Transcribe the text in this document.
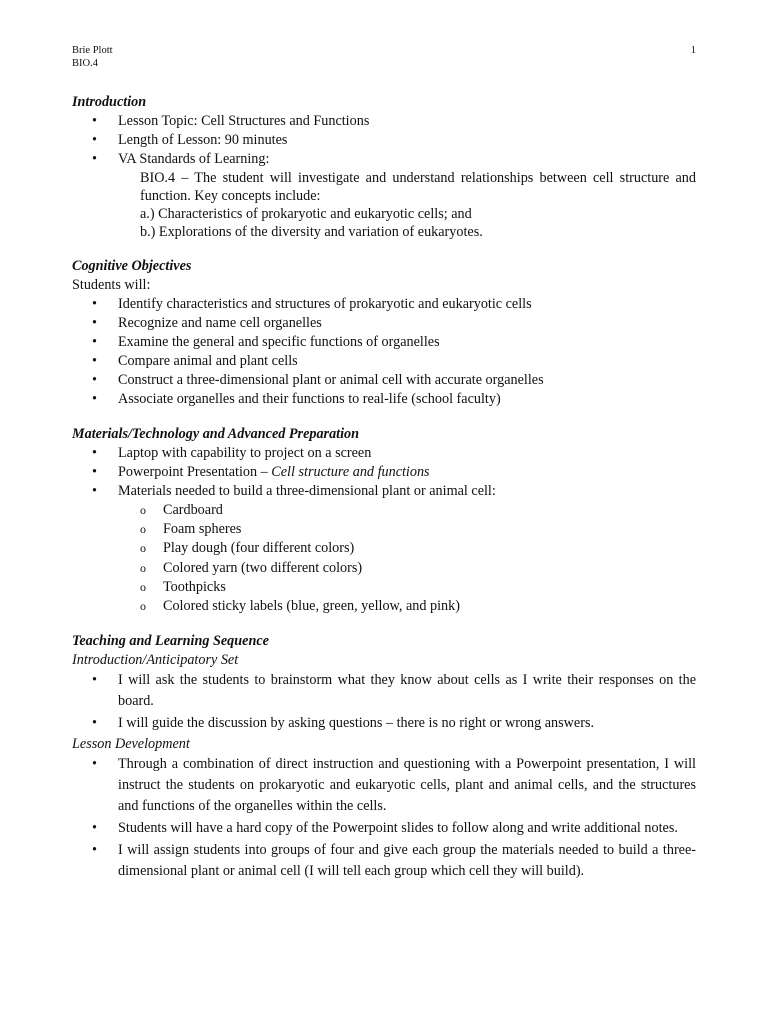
Brie Plott
BIO.4
1
Introduction
• Lesson Topic: Cell Structures and Functions
• Length of Lesson: 90 minutes
• VA Standards of Learning:
BIO.4 – The student will investigate and understand relationships between cell structure and function. Key concepts include:
a.) Characteristics of prokaryotic and eukaryotic cells; and
b.) Explorations of the diversity and variation of eukaryotes.
Cognitive Objectives
Students will:
• Identify characteristics and structures of prokaryotic and eukaryotic cells
• Recognize and name cell organelles
• Examine the general and specific functions of organelles
• Compare animal and plant cells
• Construct a three-dimensional plant or animal cell with accurate organelles
• Associate organelles and their functions to real-life (school faculty)
Materials/Technology and Advanced Preparation
• Laptop with capability to project on a screen
• Powerpoint Presentation – Cell structure and functions
• Materials needed to build a three-dimensional plant or animal cell:
o Cardboard
o Foam spheres
o Play dough (four different colors)
o Colored yarn (two different colors)
o Toothpicks
o Colored sticky labels (blue, green, yellow, and pink)
Teaching and Learning Sequence
Introduction/Anticipatory Set
• I will ask the students to brainstorm what they know about cells as I write their responses on the board.
• I will guide the discussion by asking questions – there is no right or wrong answers.
Lesson Development
• Through a combination of direct instruction and questioning with a Powerpoint presentation, I will instruct the students on prokaryotic and eukaryotic cells, plant and animal cells, and the structures and functions of the organelles within the cells.
• Students will have a hard copy of the Powerpoint slides to follow along and write additional notes.
• I will assign students into groups of four and give each group the materials needed to build a three-dimensional plant or animal cell (I will tell each group which cell they will build).
